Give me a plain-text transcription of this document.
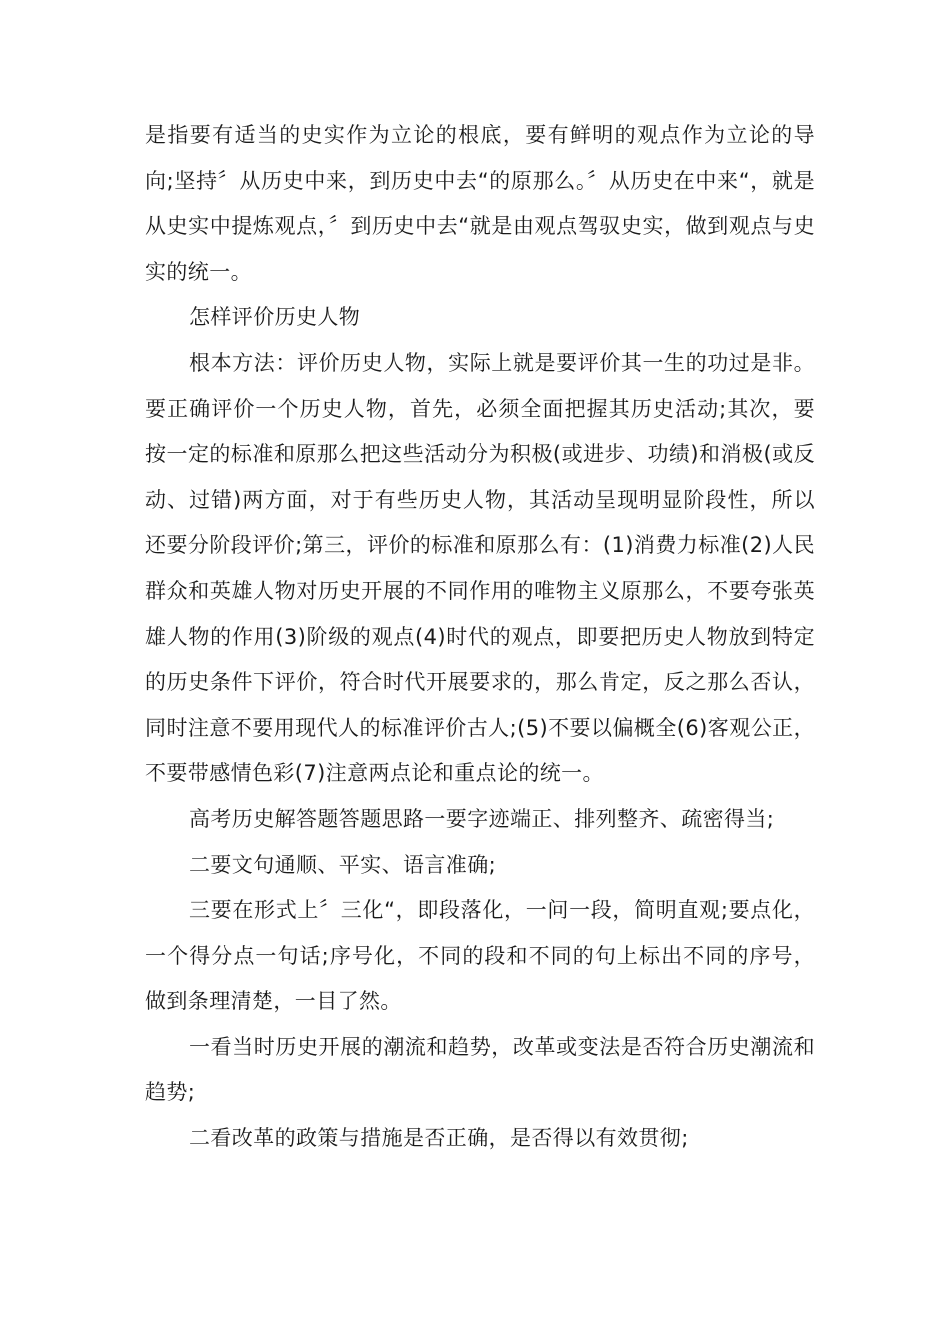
是指要有适当的史实作为立论的根底，要有鲜明的观点作为立论的导向;坚持〞从历史中来，到历史中去“的原那么。〞从历史在中来“，就是从史实中提炼观点，〞到历史中去“就是由观点驾驭史实，做到观点与史实的统一。

怎样评价历史人物

根本方法：评价历史人物，实际上就是要评价其一生的功过是非。要正确评价一个历史人物，首先，必须全面把握其历史活动;其次，要按一定的标准和原那么把这些活动分为积极(或进步、功绩)和消极(或反动、过错)两方面，对于有些历史人物，其活动呈现明显阶段性，所以还要分阶段评价;第三，评价的标准和原那么有：(1)消费力标准(2)人民群众和英雄人物对历史开展的不同作用的唯物主义原那么，不要夸张英雄人物的作用(3)阶级的观点(4)时代的观点，即要把历史人物放到特定的历史条件下评价，符合时代开展要求的，那么肯定，反之那么否认，同时注意不要用现代人的标准评价古人;(5)不要以偏概全(6)客观公正，不要带感情色彩(7)注意两点论和重点论的统一。

高考历史解答题答题思路一要字迹端正、排列整齐、疏密得当;

二要文句通顺、平实、语言准确;

三要在形式上〞三化“，即段落化，一问一段，简明直观;要点化，一个得分点一句话;序号化，不同的段和不同的句上标出不同的序号，做到条理清楚，一目了然。

一看当时历史开展的潮流和趋势，改革或变法是否符合历史潮流和趋势;

二看改革的政策与措施是否正确，是否得以有效贯彻;
